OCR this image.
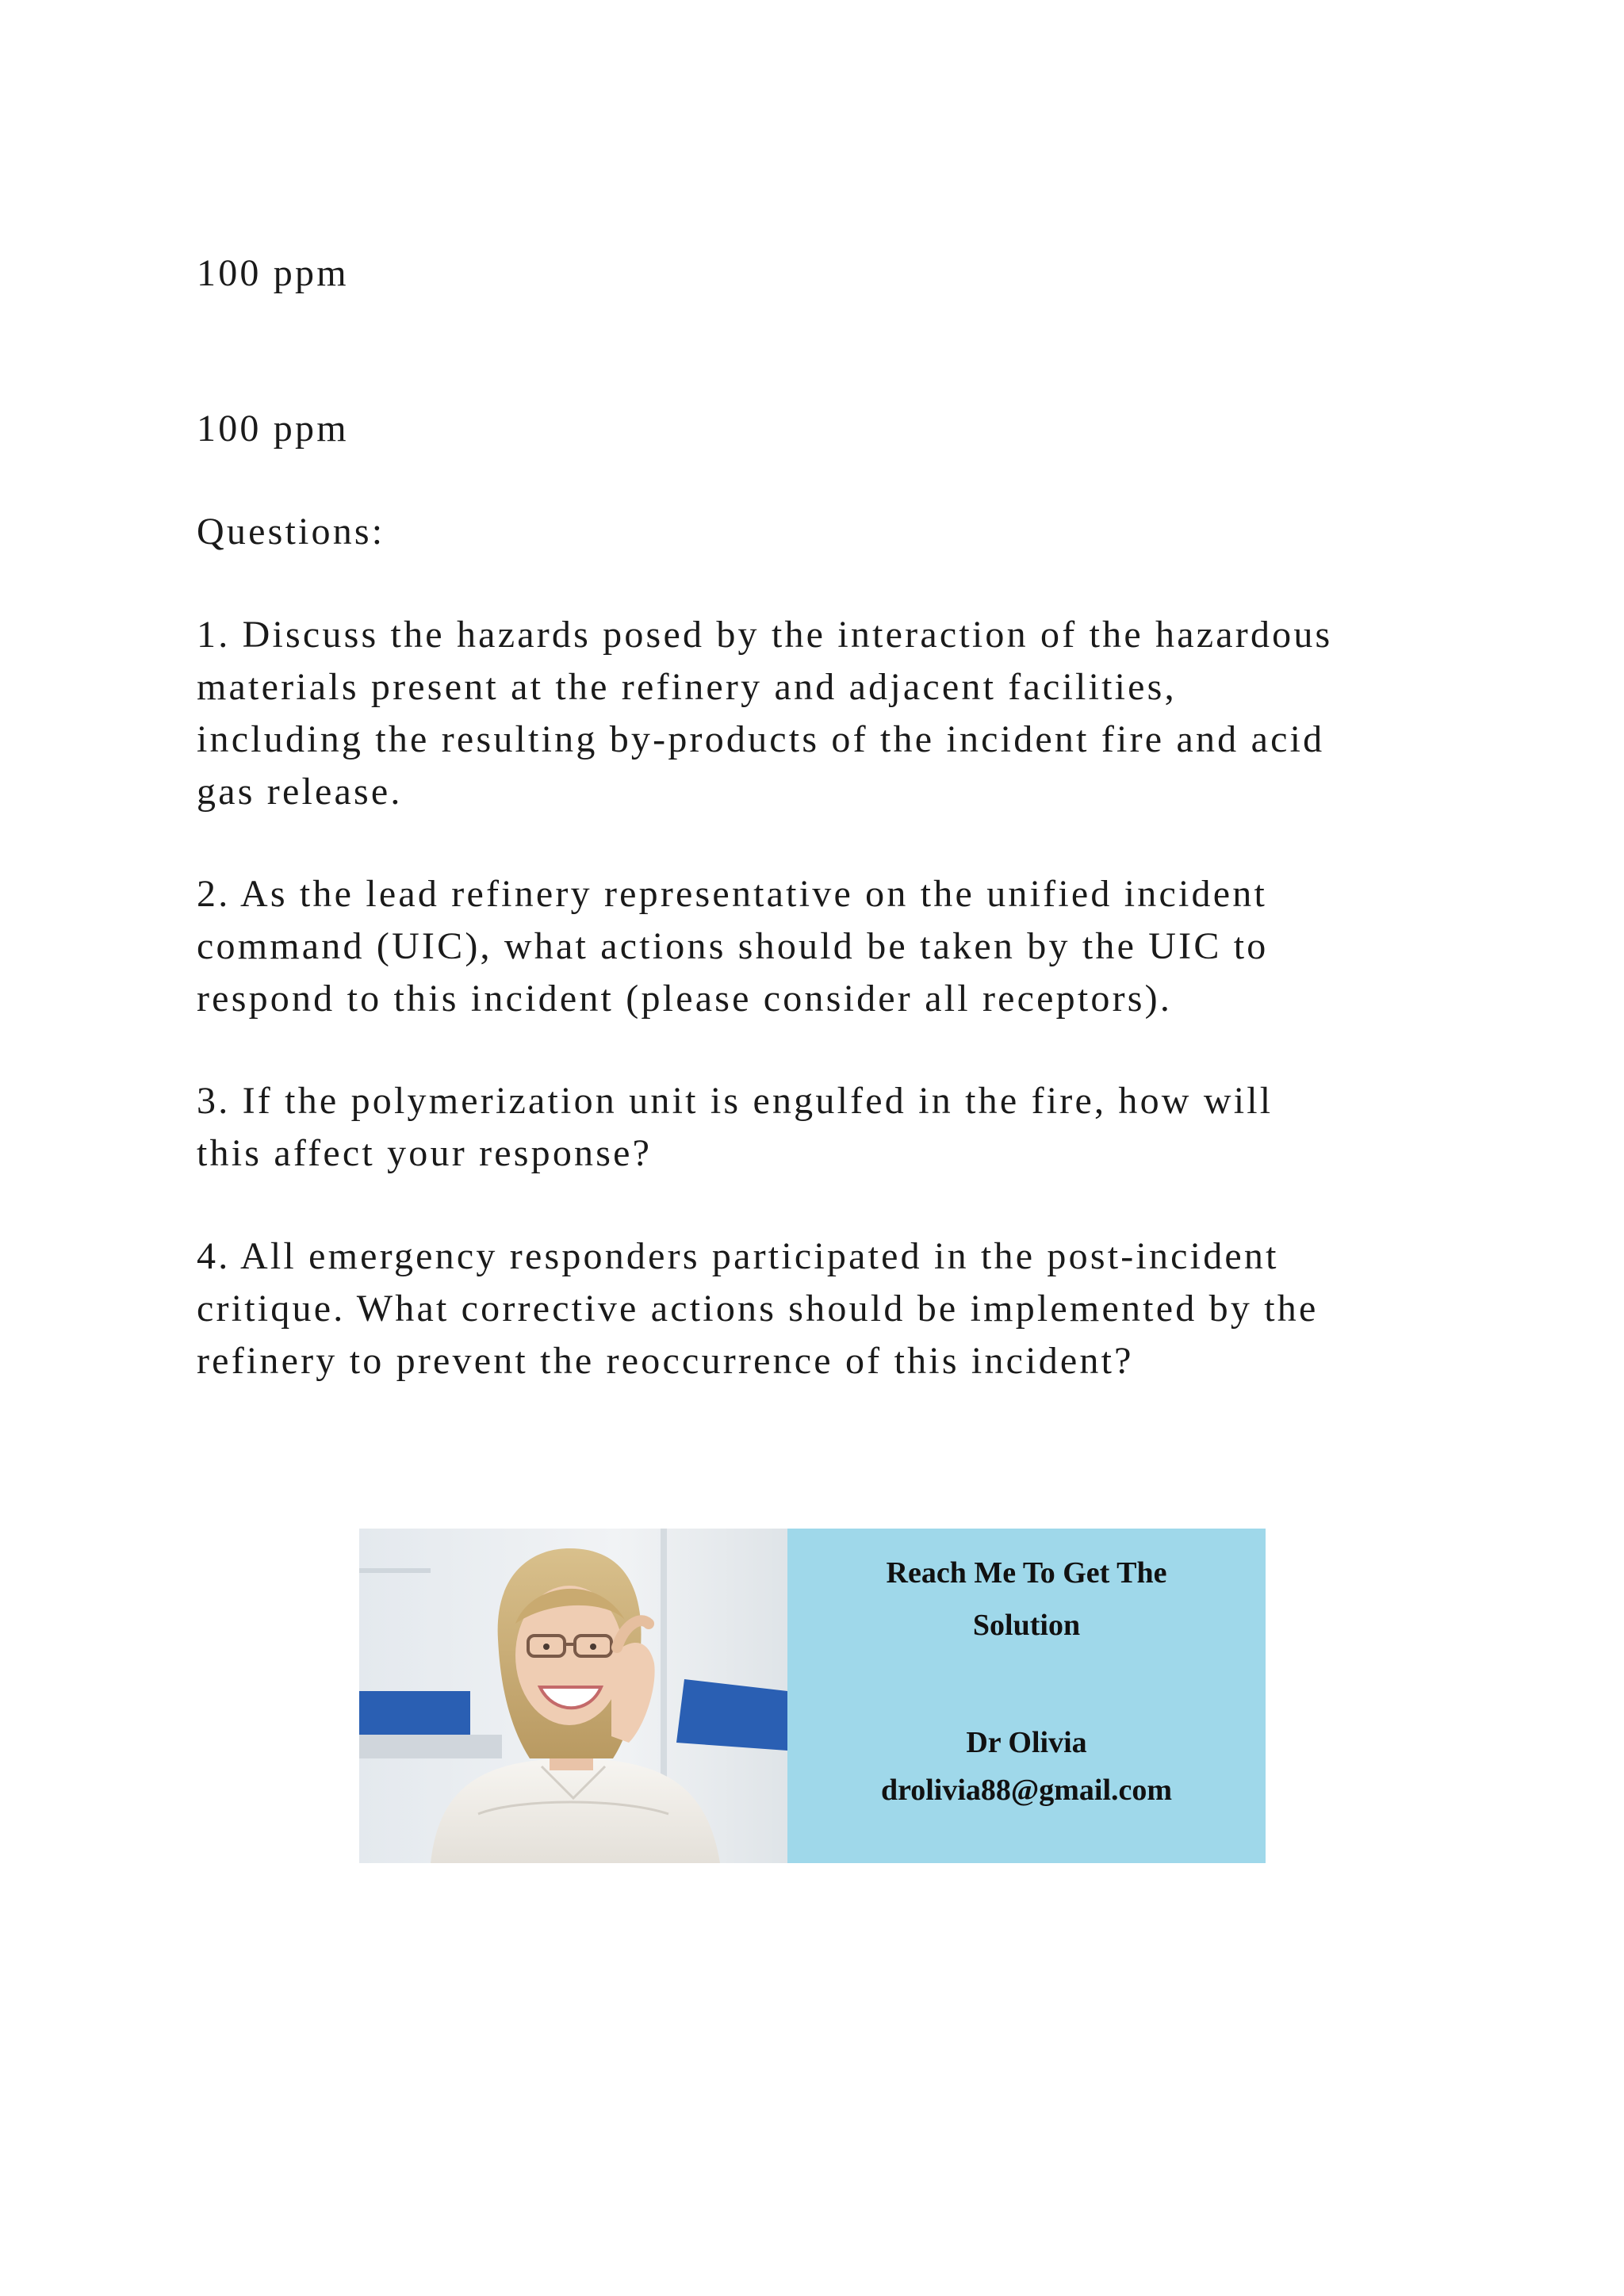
100 ppm

100 ppm

Questions:

1. Discuss the hazards posed by the interaction of the hazardous
materials present at the refinery and adjacent facilities,
including the resulting by-products of the incident fire and acid
gas release.

2. As the lead refinery representative on the unified incident
command (UIC), what actions should be taken by the UIC to
respond to this incident (please consider all receptors).

3. If the polymerization unit is engulfed in the fire, how will
this affect your response?

4. All emergency responders participated in the post-incident
critique. What corrective actions should be implemented by the
refinery to prevent the reoccurrence of this incident?

Reach Me To Get The

Solution

Dr Olivia

drolivia88@gmail.com
